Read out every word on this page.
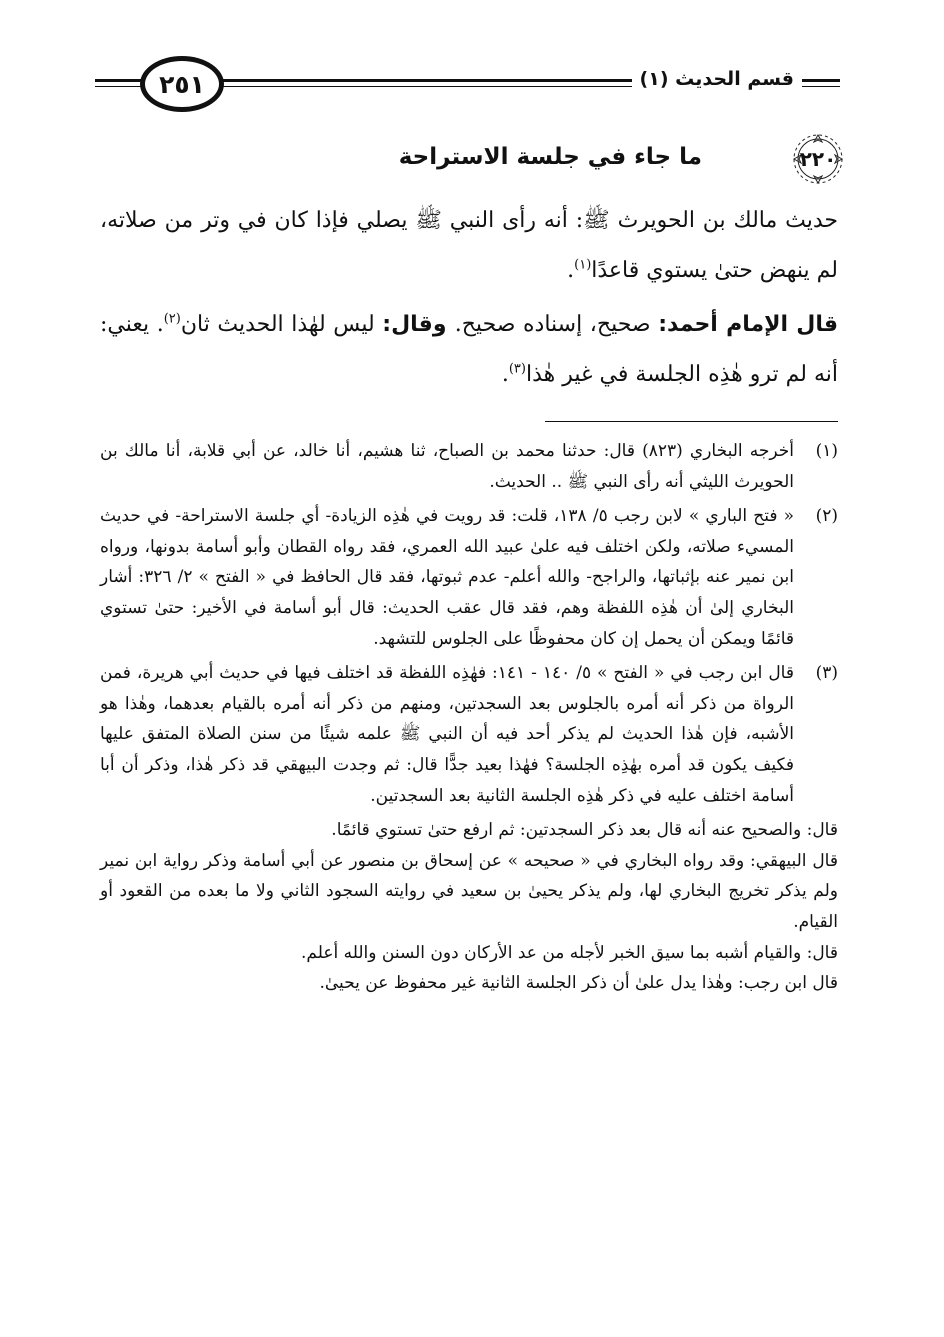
٢٥١	قسم الحديث (١)
٢٢٠
ما جاء في جلسة الاستراحة

حديث مالك بن الحويرث ﷺ: أنه رأى النبي ﷺ يصلي فإذا كان في وتر من صلاته، لم ينهض حتىٰ يستوي قاعدًا$^{(١)}$.

قال الإمام أحمد: صحيح، إسناده صحيح. وقال: ليس لهٰذا الحديث ثان$^{(٢)}$. يعني: أنه لم ترو هٰذِه الجلسة في غير هٰذا$^{(٣)}$.

(١)

أخرجه البخاري (٨٢٣) قال: حدثنا محمد بن الصباح، ثنا هشيم، أنا خالد، عن أبي قلابة، أنا مالك بن الحويرث الليثي أنه رأى النبي ﷺ .. الحديث.

(٢)

« فتح الباري » لابن رجب ٥/ ١٣٨، قلت: قد رويت في هٰذِه الزيادة- أي جلسة الاستراحة- في حديث المسيء صلاته، ولكن اختلف فيه علىٰ عبيد الله العمري، فقد رواه القطان وأبو أسامة بدونها، ورواه ابن نمير عنه بإثباتها، والراجح- والله أعلم- عدم ثبوتها، فقد قال الحافظ في « الفتح » ٢/ ٣٢٦: أشار البخاري إلىٰ أن هٰذِه اللفظة وهم، فقد قال عقب الحديث: قال أبو أسامة في الأخير: حتىٰ تستوي قائمًا ويمكن أن يحمل إن كان محفوظًا على الجلوس للتشهد.

(٣)

قال ابن رجب في « الفتح » ٥/ ١٤٠ - ١٤١: فهٰذِه اللفظة قد اختلف فيها في حديث أبي هريرة، فمن الرواة من ذكر أنه أمره بالجلوس بعد السجدتين، ومنهم من ذكر أنه أمره بالقيام بعدهما، وهٰذا هو الأشبه، فإن هٰذا الحديث لم يذكر أحد فيه أن النبي ﷺ علمه شيئًا من سنن الصلاة المتفق عليها فكيف يكون قد أمره بهٰذِه الجلسة؟ فهٰذا بعيد جدًّا قال: ثم وجدت البيهقي قد ذكر هٰذا، وذكر أن أبا أسامة اختلف عليه في ذكر هٰذِه الجلسة الثانية بعد السجدتين.

قال: والصحيح عنه أنه قال بعد ذكر السجدتين: ثم ارفع حتىٰ تستوي قائمًا.

قال البيهقي: وقد رواه البخاري في « صحيحه » عن إسحاق بن منصور عن أبي أسامة وذكر رواية ابن نمير ولم يذكر تخريج البخاري لها، ولم يذكر يحيىٰ بن سعيد في روايته السجود الثاني ولا ما بعده من القعود أو القيام.

قال: والقيام أشبه بما سيق الخبر لأجله من عد الأركان دون السنن والله أعلم.

قال ابن رجب: وهٰذا يدل علىٰ أن ذكر الجلسة الثانية غير محفوظ عن يحيىٰ.
